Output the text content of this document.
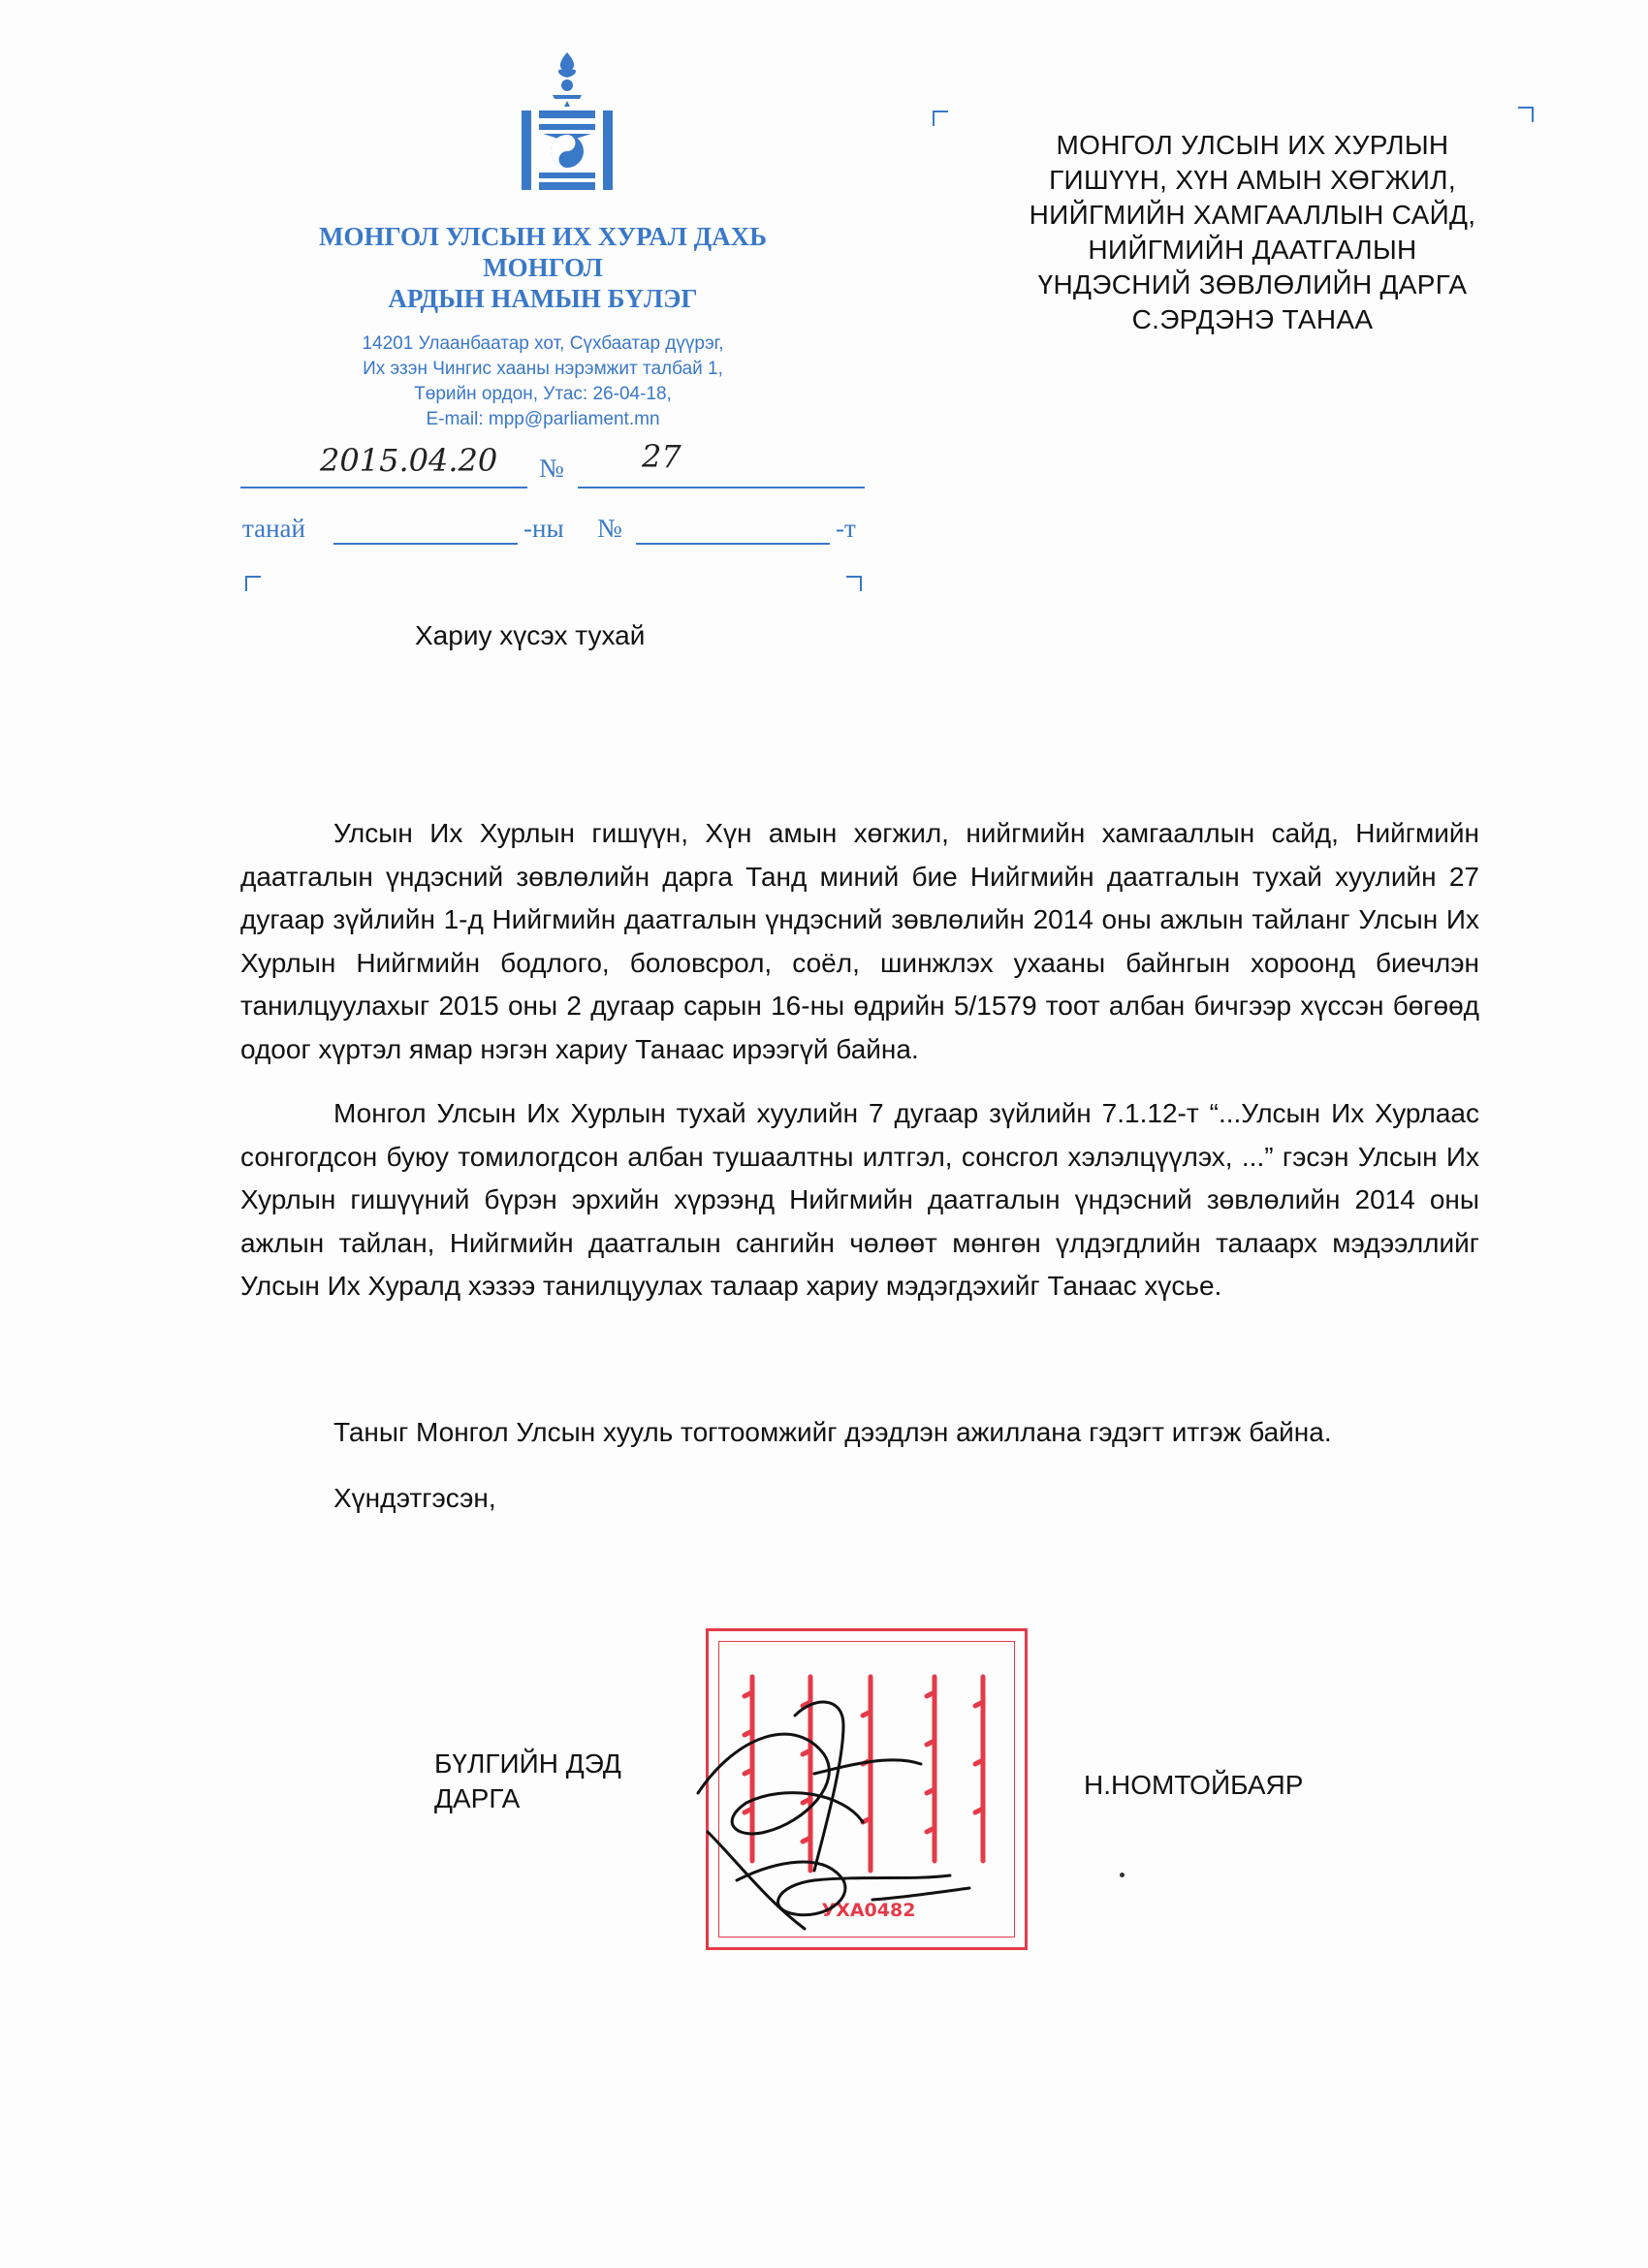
МОНГОЛ УЛСЫН ИХ ХУРАЛ ДАХЬ
МОНГОЛ
АРДЫН НАМЫН БҮЛЭГ
14201 Улаанбаатар хот, Сүхбаатар дүүрэг,
Их эзэн Чингис хааны нэрэмжит талбай 1,
Төрийн ордон, Утас: 26-04-18,
E-mail: mpp@parliament.mn
2015.04.20 №	27
танай	-ны №	-т
Хариу хүсэх тухай
МОНГОЛ УЛСЫН ИХ ХУРЛЫН
ГИШҮҮН, ХҮН АМЫН ХӨГЖИЛ,
НИЙГМИЙН ХАМГААЛЛЫН САЙД,
НИЙГМИЙН ДААТГАЛЫН
ҮНДЭСНИЙ ЗӨВЛӨЛИЙН ДАРГА
С.ЭРДЭНЭ ТАНАА

Улсын Их Хурлын гишүүн, Хүн амын хөгжил, нийгмийн хамгааллын сайд, Нийгмийн даатгалын үндэсний зөвлөлийн дарга Танд миний бие Нийгмийн даатгалын тухай хуулийн 27 дугаар зүйлийн 1-д Нийгмийн даатгалын үндэсний зөвлөлийн 2014 оны ажлын тайланг Улсын Их Хурлын Нийгмийн бодлого, боловсрол, соёл, шинжлэх ухааны байнгын хороонд биечлэн танилцуулахыг 2015 оны 2 дугаар сарын 16-ны өдрийн 5/1579 тоот албан бичгээр хүссэн бөгөөд одоог хүртэл ямар нэгэн хариу Танаас ирээгүй байна.

Монгол Улсын Их Хурлын тухай хуулийн 7 дугаар зүйлийн 7.1.12-т “...Улсын Их Хурлаас сонгогдсон буюу томилогдсон албан тушаалтны илтгэл, сонсгол хэлэлцүүлэх, ...” гэсэн Улсын Их Хурлын гишүүний бүрэн эрхийн хүрээнд Нийгмийн даатгалын үндэсний зөвлөлийн 2014 оны ажлын тайлан, Нийгмийн даатгалын сангийн чөлөөт мөнгөн үлдэгдлийн талаарх мэдээллийг Улсын Их Хуралд хэзээ танилцуулах талаар хариу мэдэгдэхийг Танаас хүсье.

Таныг Монгол Улсын хууль тогтоомжийг дээдлэн ажиллана гэдэгт итгэж байна.
Хүндэтгэсэн,
БҮЛГИЙН ДЭД
ДАРГА
УХА0482
Н.НОМТОЙБАЯР
